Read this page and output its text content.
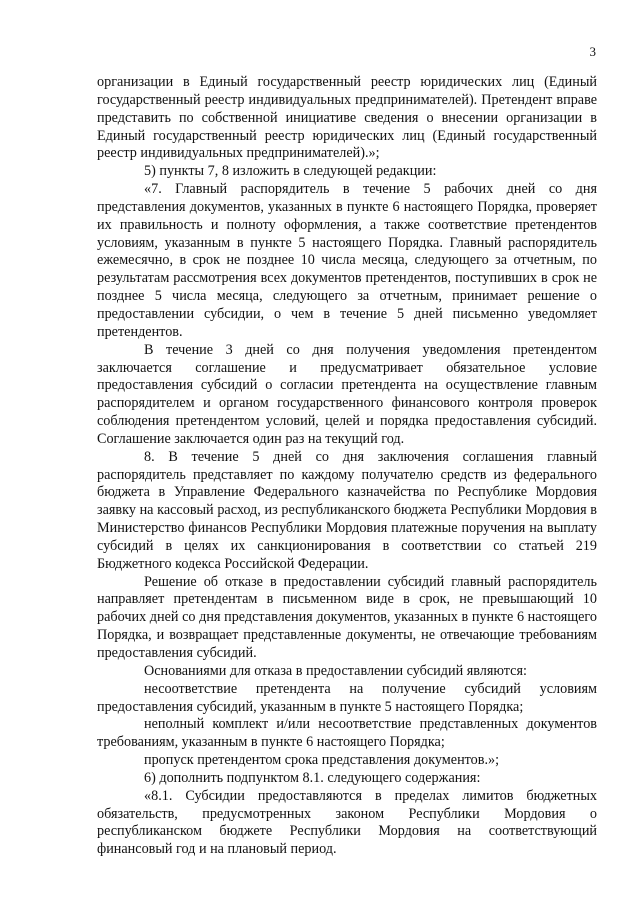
3

организации в Единый государственный реестр юридических лиц (Единый государственный реестр индивидуальных предпринимателей). Претендент вправе представить по собственной инициативе сведения о внесении организации в Единый государственный реестр юридических лиц (Единый государственный реестр индивидуальных предпринимателей).»;

5) пункты 7, 8 изложить в следующей редакции:

«7. Главный распорядитель в течение 5 рабочих дней со дня представления документов, указанных в пункте 6 настоящего Порядка, проверяет их правильность и полноту оформления, а также соответствие претендентов условиям, указанным в пункте 5 настоящего Порядка. Главный распорядитель ежемесячно, в срок не позднее 10 числа месяца, следующего за отчетным, по результатам рассмотрения всех документов претендентов, поступивших в срок не позднее 5 числа месяца, следующего за отчетным, принимает решение о предоставлении субсидии, о чем в течение 5 дней письменно уведомляет претендентов.

В течение 3 дней со дня получения уведомления претендентом заключается соглашение и предусматривает обязательное условие предоставления субсидий о согласии претендента на осуществление главным распорядителем и органом государственного финансового контроля проверок соблюдения претендентом условий, целей и порядка предоставления субсидий. Соглашение заключается один раз на текущий год.

8. В течение 5 дней со дня заключения соглашения главный распорядитель представляет по каждому получателю средств из федерального бюджета в Управление Федерального казначейства по Республике Мордовия заявку на кассовый расход, из республиканского бюджета Республики Мордовия в Министерство финансов Республики Мордовия платежные поручения на выплату субсидий в целях их санкционирования в соответствии со статьей 219 Бюджетного кодекса Российской Федерации.

Решение об отказе в предоставлении субсидий главный распорядитель направляет претендентам в письменном виде в срок, не превышающий 10 рабочих дней со дня представления документов, указанных в пункте 6 настоящего Порядка, и возвращает представленные документы, не отвечающие требованиям предоставления субсидий.

Основаниями для отказа в предоставлении субсидий являются:

несоответствие претендента на получение субсидий условиям предоставления субсидий, указанным в пункте 5 настоящего Порядка;

неполный комплект и/или несоответствие представленных документов требованиям, указанным в пункте 6 настоящего Порядка;

пропуск претендентом срока представления документов.»;

6) дополнить подпунктом 8.1. следующего содержания:

«8.1. Субсидии предоставляются в пределах лимитов бюджетных обязательств, предусмотренных законом Республики Мордовия о республиканском бюджете Республики Мордовия на соответствующий финансовый год и на плановый период.
